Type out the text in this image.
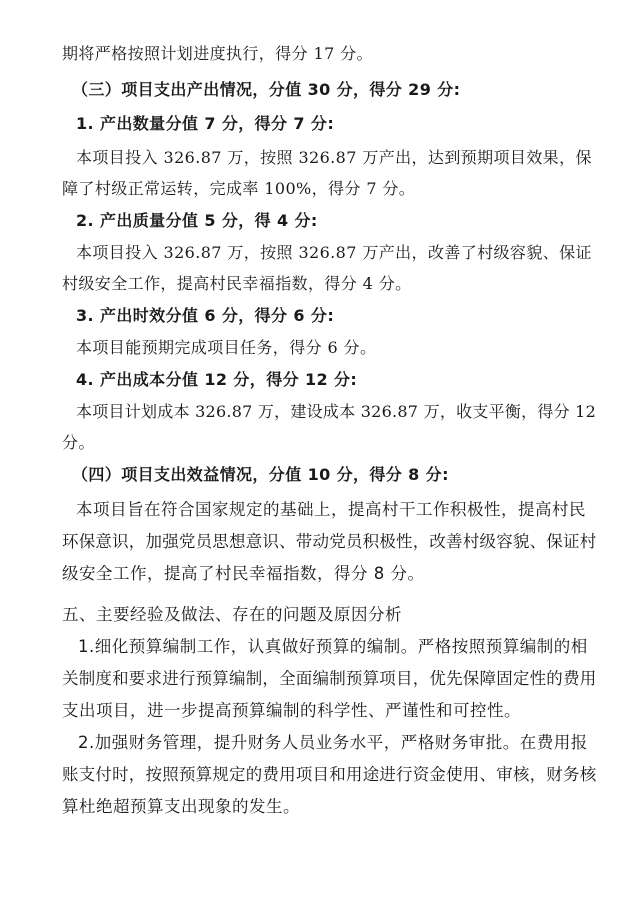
期将严格按照计划进度执行，得分 17 分。
（三）项目支出产出情况，分值 30 分，得分 29 分:
1. 产出数量分值 7 分，得分 7 分:
本项目投入 326.87 万，按照 326.87 万产出，达到预期项目效果，保
障了村级正常运转，完成率 100%，得分 7 分。
2. 产出质量分值 5 分，得 4 分:
本项目投入 326.87 万，按照 326.87 万产出，改善了村级容貌、保证
村级安全工作，提高村民幸福指数，得分 4 分。
3. 产出时效分值 6 分，得分 6 分:
本项目能预期完成项目任务，得分 6 分。
4. 产出成本分值 12 分，得分 12 分:
本项目计划成本 326.87 万，建设成本 326.87 万，收支平衡，得分 12
分。
（四）项目支出效益情况，分值 10 分，得分 8 分:
本项目旨在符合国家规定的基础上，提高村干工作积极性，提高村民
环保意识，加强党员思想意识、带动党员积极性，改善村级容貌、保证村
级安全工作，提高了村民幸福指数，得分 8 分。
五、主要经验及做法、存在的问题及原因分析
1.细化预算编制工作，认真做好预算的编制。严格按照预算编制的相
关制度和要求进行预算编制，全面编制预算项目，优先保障固定性的费用
支出项目，进一步提高预算编制的科学性、严谨性和可控性。
2.加强财务管理，提升财务人员业务水平，严格财务审批。在费用报
账支付时，按照预算规定的费用项目和用途进行资金使用、审核，财务核
算杜绝超预算支出现象的发生。
